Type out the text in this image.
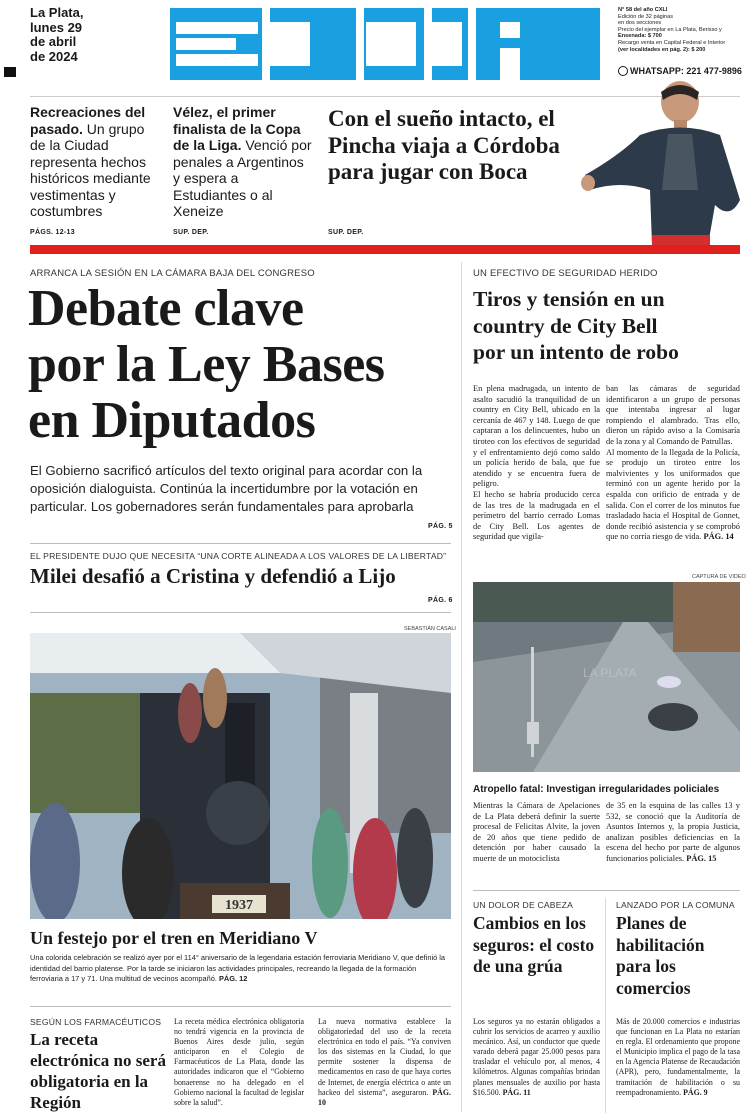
La Plata,
lunes 29
de abril
de 2024
N° 58 del año CXLI
Edición de 32 páginas
en dos secciones
Precio del ejemplar en La Plata, Berisso y
Ensenada: $ 700
Recargo venta en Capital Federal e Interior
(ver localidades en pág. 2): $ 200
WHATSAPP: 221 477-9896
Recreaciones del pasado. Un grupo de la Ciudad representa hechos históricos mediante vestimentas y costumbres
PÁGS. 12-13
Vélez, el primer finalista de la Copa de la Liga. Venció por penales a Argentinos y espera a Estudiantes o al Xeneize
SUP. DEP.
Con el sueño intacto, el Pincha viaja a Córdoba para jugar con Boca
SUP. DEP.
ARRANCA LA SESIÓN EN LA CÁMARA BAJA DEL CONGRESO
Debate clave
por la Ley Bases
en Diputados
El Gobierno sacrificó artículos del texto original para acordar con la oposición dialoguista. Continúa la incertidumbre por la votación en particular. Los gobernadores serán fundamentales para aprobarla
PÁG. 5
EL PRESIDENTE DUJO QUE NECESITA “UNA CORTE ALINEADA A LOS VALORES DE LA LIBERTAD”
Milei desafió a Cristina y defendió a Lijo
PÁG. 6
SEBASTIÁN CASALI
1937
Un festejo por el tren en Meridiano V
Una colorida celebración se realizó ayer por el 114° aniversario de la legendaria estación ferroviaria Meridiano V, que definió la identidad del barrio platense. Por la tarde se iniciaron las actividades principales, recreando la llegada de la formación ferroviaria a 17 y 71. Una multitud de vecinos acompañó. PÁG. 12
SEGÚN LOS FARMACÉUTICOS
La receta electrónica no será obligatoria en la Región
La receta médica electrónica obligatoria no tendrá vigencia en la provincia de Buenos Aires desde julio, según anticiparon en el Colegio de Farmacéuticos de La Plata, donde las autoridades indicaron que el “Gobierno bonaerense no ha delegado en el Gobierno nacional la facultad de legislar sobre la salud”.
La nueva normativa establece la obligatoriedad del uso de la receta electrónica en todo el país. “Ya conviven los dos sistemas en la Ciudad, lo que permite sostener la dispensa de medicamentos en caso de que haya cortes de Internet, de energía eléctrica o ante un hackeo del sistema”, aseguraron. PÁG. 10
UN EFECTIVO DE SEGURIDAD HERIDO
Tiros y tensión en un
country de City Bell
por un intento de robo
En plena madrugada, un intento de asalto sacudió la tranquilidad de un country en City Bell, ubicado en la cercanía de 467 y 148. Luego de que captaran a los delincuentes, hubo un tiroteo con los efectivos de seguridad y el enfrentamiento dejó como saldo un policía herido de bala, que fue atendido y se encuentra fuera de peligro.
El hecho se habría producido cerca de las tres de la madrugada en el perímetro del barrio cerrado Lomas de City Bell. Los agentes de seguridad que vigila-
ban las cámaras de seguridad identificaron a un grupo de personas que intentaba ingresar al lugar rompiendo el alambrado. Tras ello, dieron un rápido aviso a la Comisaría de la zona y al Comando de Patrullas.
Al momento de la llegada de la Policía, se produjo un tiroteo entre los malvivientes y los uniformados que terminó con un agente herido por la espalda con orificio de entrada y de salida. Con el correr de los minutos fue trasladado hacia el Hospital de Gonnet, donde recibió asistencia y se comprobó que no corría riesgo de vida. PÁG. 14
CAPTURA DE VIDEO
LA PLATA
Atropello fatal: Investigan irregularidades policiales
Mientras la Cámara de Apelaciones de La Plata deberá definir la suerte procesal de Felicitas Alvite, la joven de 20 años que tiene pedido de detención por haber causado la muerte de un motociclista
de 35 en la esquina de las calles 13 y 532, se conoció que la Auditoría de Asuntos Internos y, la propia Justicia, analizan posibles deficiencias en la escena del hecho por parte de algunos funcionarios policiales. PÁG. 15
UN DOLOR DE CABEZA
Cambios en los seguros: el costo de una grúa
Los seguros ya no estarán obligados a cubrir los servicios de acarreo y auxilio mecánico. Así, un conductor que quede varado deberá pagar 25.000 pesos para trasladar el vehículo por, al menos, 4 kilómetros. Algunas compañías brindan planes mensuales de auxilio por hasta $16.500. PÁG. 11
LANZADO POR LA COMUNA
Planes de habilitación para los comercios
Más de 20.000 comercios e industrias que funcionan en La Plata no estarían en regla. El ordenamiento que propone el Municipio implica el pago de la tasa en la Agencia Platense de Recaudación (APR), pero, fundamentalmente, la tramitación de habilitación o su reempadronamiento. PÁG. 9
